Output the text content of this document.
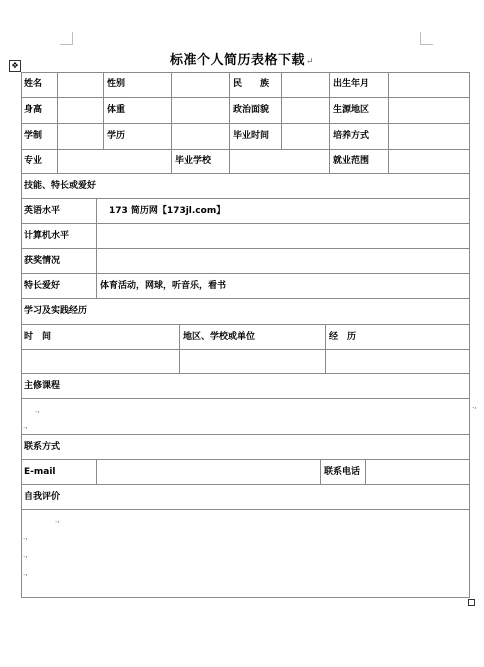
标准个人简历表格下载↵
✥
姓名	性别	民　　族	出生年月
身高	体重	政治面貌	生源地区
学制	学历	毕业时间	培养方式
专业	毕业学校	就业范围
技能、特长或爱好
英语水平	173 简历网【173jl.com】
计算机水平
获奖情况
特长爱好	体育活动，网球，听音乐，看书
学习及实践经历
时　间	地区、学校或单位	经　历
主修课程
.,
.,
.,
联系方式
E-mail	联系电话
自我评价
.,
.,
.,
.,
